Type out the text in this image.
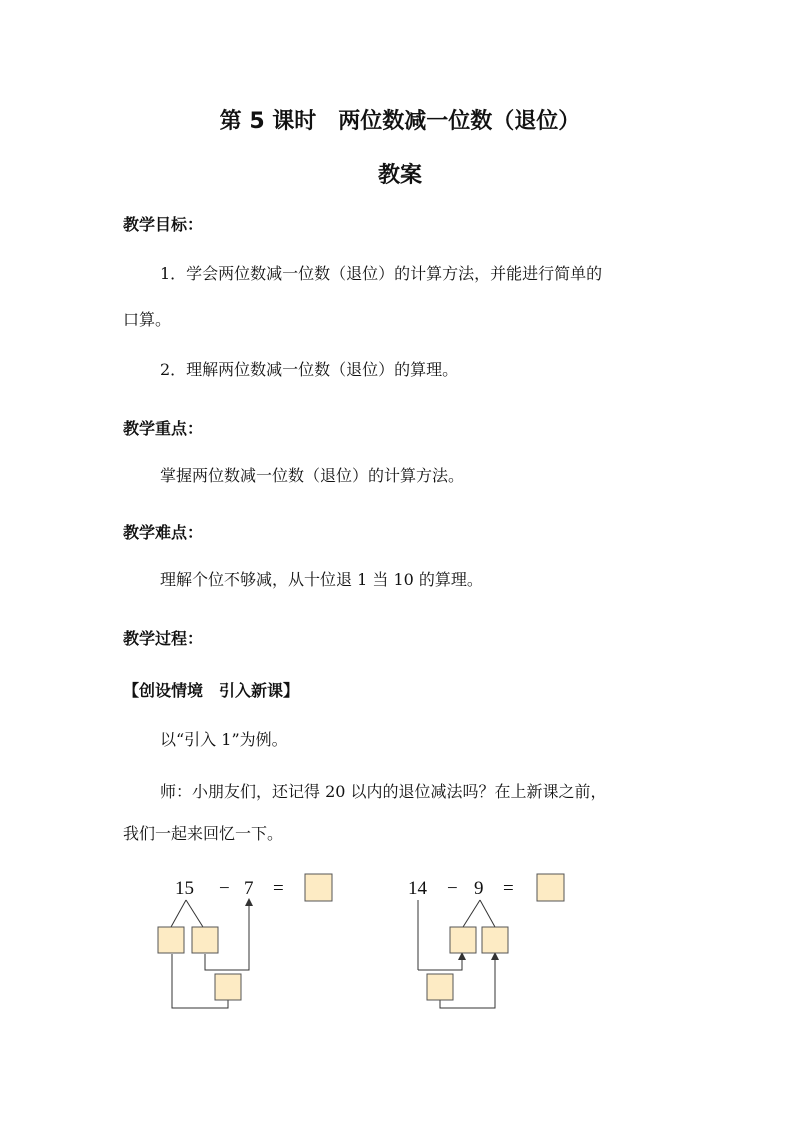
第 5 课时　两位数减一位数（退位）
教案
教学目标：
1．学会两位数减一位数（退位）的计算方法，并能进行简单的
口算。
2．理解两位数减一位数（退位）的算理。
教学重点：
掌握两位数减一位数（退位）的计算方法。
教学难点：
理解个位不够减，从十位退 1 当 10 的算理。
教学过程：
【创设情境　引入新课】
以“引入 1”为例。
师：小朋友们，还记得 20 以内的退位减法吗？在上新课之前，
我们一起来回忆一下。
15 − 7 =	14 − 9 =
